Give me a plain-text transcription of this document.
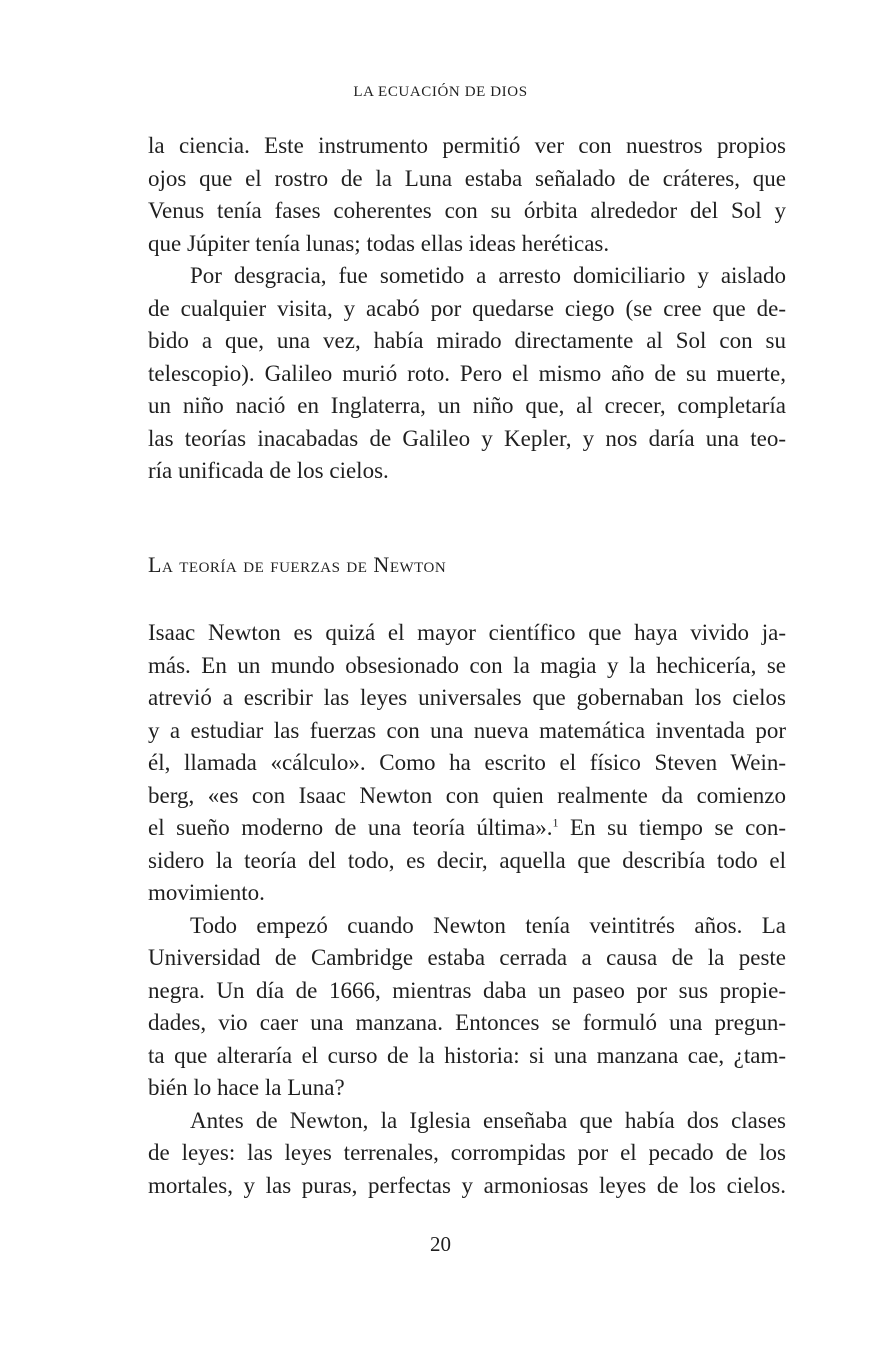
LA ECUACIÓN DE DIOS
la ciencia. Este instrumento permitió ver con nuestros propios
ojos que el rostro de la Luna estaba señalado de cráteres, que
Venus tenía fases coherentes con su órbita alrededor del Sol y
que Júpiter tenía lunas; todas ellas ideas heréticas.
Por desgracia, fue sometido a arresto domiciliario y aislado
de cualquier visita, y acabó por quedarse ciego (se cree que de-
bido a que, una vez, había mirado directamente al Sol con su
telescopio). Galileo murió roto. Pero el mismo año de su muerte,
un niño nació en Inglaterra, un niño que, al crecer, completaría
las teorías inacabadas de Galileo y Kepler, y nos daría una teo-
ría unificada de los cielos.
La teoría de fuerzas de Newton
Isaac Newton es quizá el mayor científico que haya vivido ja-
más. En un mundo obsesionado con la magia y la hechicería, se
atrevió a escribir las leyes universales que gobernaban los cielos
y a estudiar las fuerzas con una nueva matemática inventada por
él, llamada «cálculo». Como ha escrito el físico Steven Wein-
berg, «es con Isaac Newton con quien realmente da comienzo
el sueño moderno de una teoría última».$^1$ En su tiempo se con-
sidero la teoría del todo, es decir, aquella que describía todo el
movimiento.
Todo empezó cuando Newton tenía veintitrés años. La
Universidad de Cambridge estaba cerrada a causa de la peste
negra. Un día de 1666, mientras daba un paseo por sus propie-
dades, vio caer una manzana. Entonces se formuló una pregun-
ta que alteraría el curso de la historia: si una manzana cae, ¿tam-
bién lo hace la Luna?
Antes de Newton, la Iglesia enseñaba que había dos clases
de leyes: las leyes terrenales, corrompidas por el pecado de los
mortales, y las puras, perfectas y armoniosas leyes de los cielos.
20
